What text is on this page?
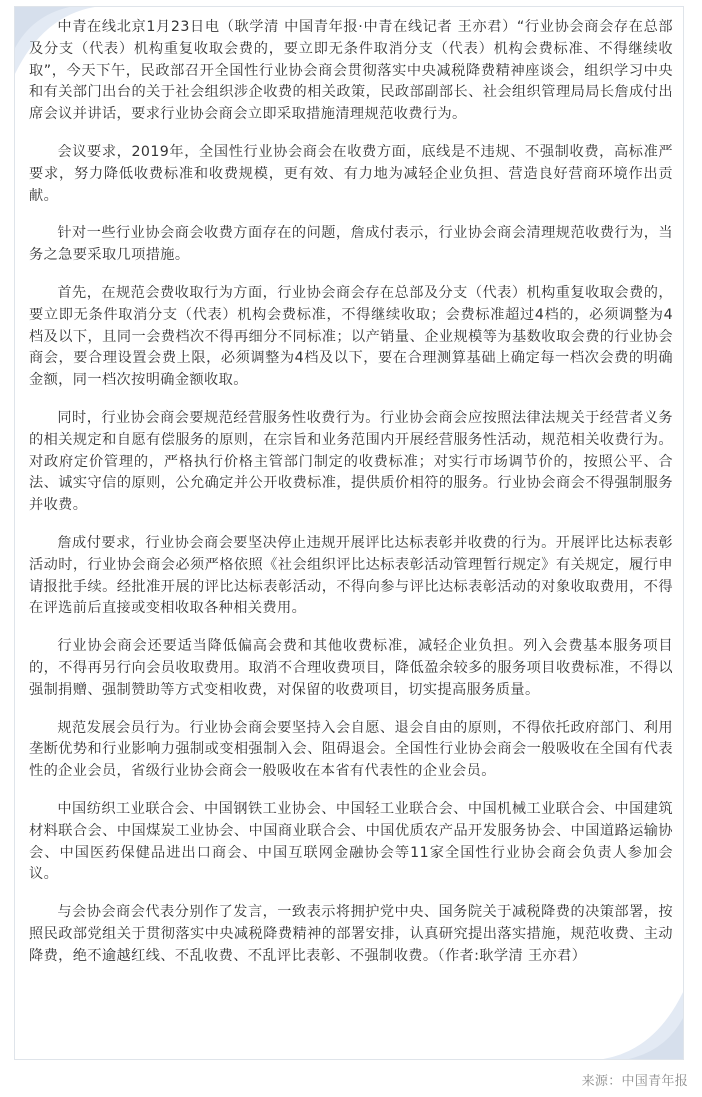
中青在线北京1月23日电（耿学清 中国青年报·中青在线记者 王亦君）“行业协会商会存在总部及分支（代表）机构重复收取会费的，要立即无条件取消分支（代表）机构会费标准、不得继续收取”，今天下午，民政部召开全国性行业协会商会贯彻落实中央减税降费精神座谈会，组织学习中央和有关部门出台的关于社会组织涉企收费的相关政策，民政部副部长、社会组织管理局局长詹成付出席会议并讲话，要求行业协会商会立即采取措施清理规范收费行为。

会议要求，2019年，全国性行业协会商会在收费方面，底线是不违规、不强制收费，高标准严要求，努力降低收费标准和收费规模，更有效、有力地为减轻企业负担、营造良好营商环境作出贡献。

针对一些行业协会商会收费方面存在的问题，詹成付表示，行业协会商会清理规范收费行为，当务之急要采取几项措施。

首先，在规范会费收取行为方面，行业协会商会存在总部及分支（代表）机构重复收取会费的，要立即无条件取消分支（代表）机构会费标准，不得继续收取；会费标准超过4档的，必须调整为4档及以下，且同一会费档次不得再细分不同标准；以产销量、企业规模等为基数收取会费的行业协会商会，要合理设置会费上限，必须调整为4档及以下，要在合理测算基础上确定每一档次会费的明确金额，同一档次按明确金额收取。

同时，行业协会商会要规范经营服务性收费行为。行业协会商会应按照法律法规关于经营者义务的相关规定和自愿有偿服务的原则，在宗旨和业务范围内开展经营服务性活动，规范相关收费行为。对政府定价管理的，严格执行价格主管部门制定的收费标准；对实行市场调节价的，按照公平、合法、诚实守信的原则，公允确定并公开收费标准，提供质价相符的服务。行业协会商会不得强制服务并收费。

詹成付要求，行业协会商会要坚决停止违规开展评比达标表彰并收费的行为。开展评比达标表彰活动时，行业协会商会必须严格依照《社会组织评比达标表彰活动管理暂行规定》有关规定，履行申请报批手续。经批准开展的评比达标表彰活动，不得向参与评比达标表彰活动的对象收取费用，不得在评选前后直接或变相收取各种相关费用。

行业协会商会还要适当降低偏高会费和其他收费标准，减轻企业负担。列入会费基本服务项目的，不得再另行向会员收取费用。取消不合理收费项目，降低盈余较多的服务项目收费标准，不得以强制捐赠、强制赞助等方式变相收费，对保留的收费项目，切实提高服务质量。

规范发展会员行为。行业协会商会要坚持入会自愿、退会自由的原则，不得依托政府部门、利用垄断优势和行业影响力强制或变相强制入会、阻碍退会。全国性行业协会商会一般吸收在全国有代表性的企业会员，省级行业协会商会一般吸收在本省有代表性的企业会员。

中国纺织工业联合会、中国钢铁工业协会、中国轻工业联合会、中国机械工业联合会、中国建筑材料联合会、中国煤炭工业协会、中国商业联合会、中国优质农产品开发服务协会、中国道路运输协会、中国医药保健品进出口商会、中国互联网金融协会等11家全国性行业协会商会负责人参加会议。

与会协会商会代表分别作了发言，一致表示将拥护党中央、国务院关于减税降费的决策部署，按照民政部党组关于贯彻落实中央减税降费精神的部署安排，认真研究提出落实措施，规范收费、主动降费，绝不逾越红线、不乱收费、不乱评比表彰、不强制收费。（作者:耿学清 王亦君）

来源：中国青年报
